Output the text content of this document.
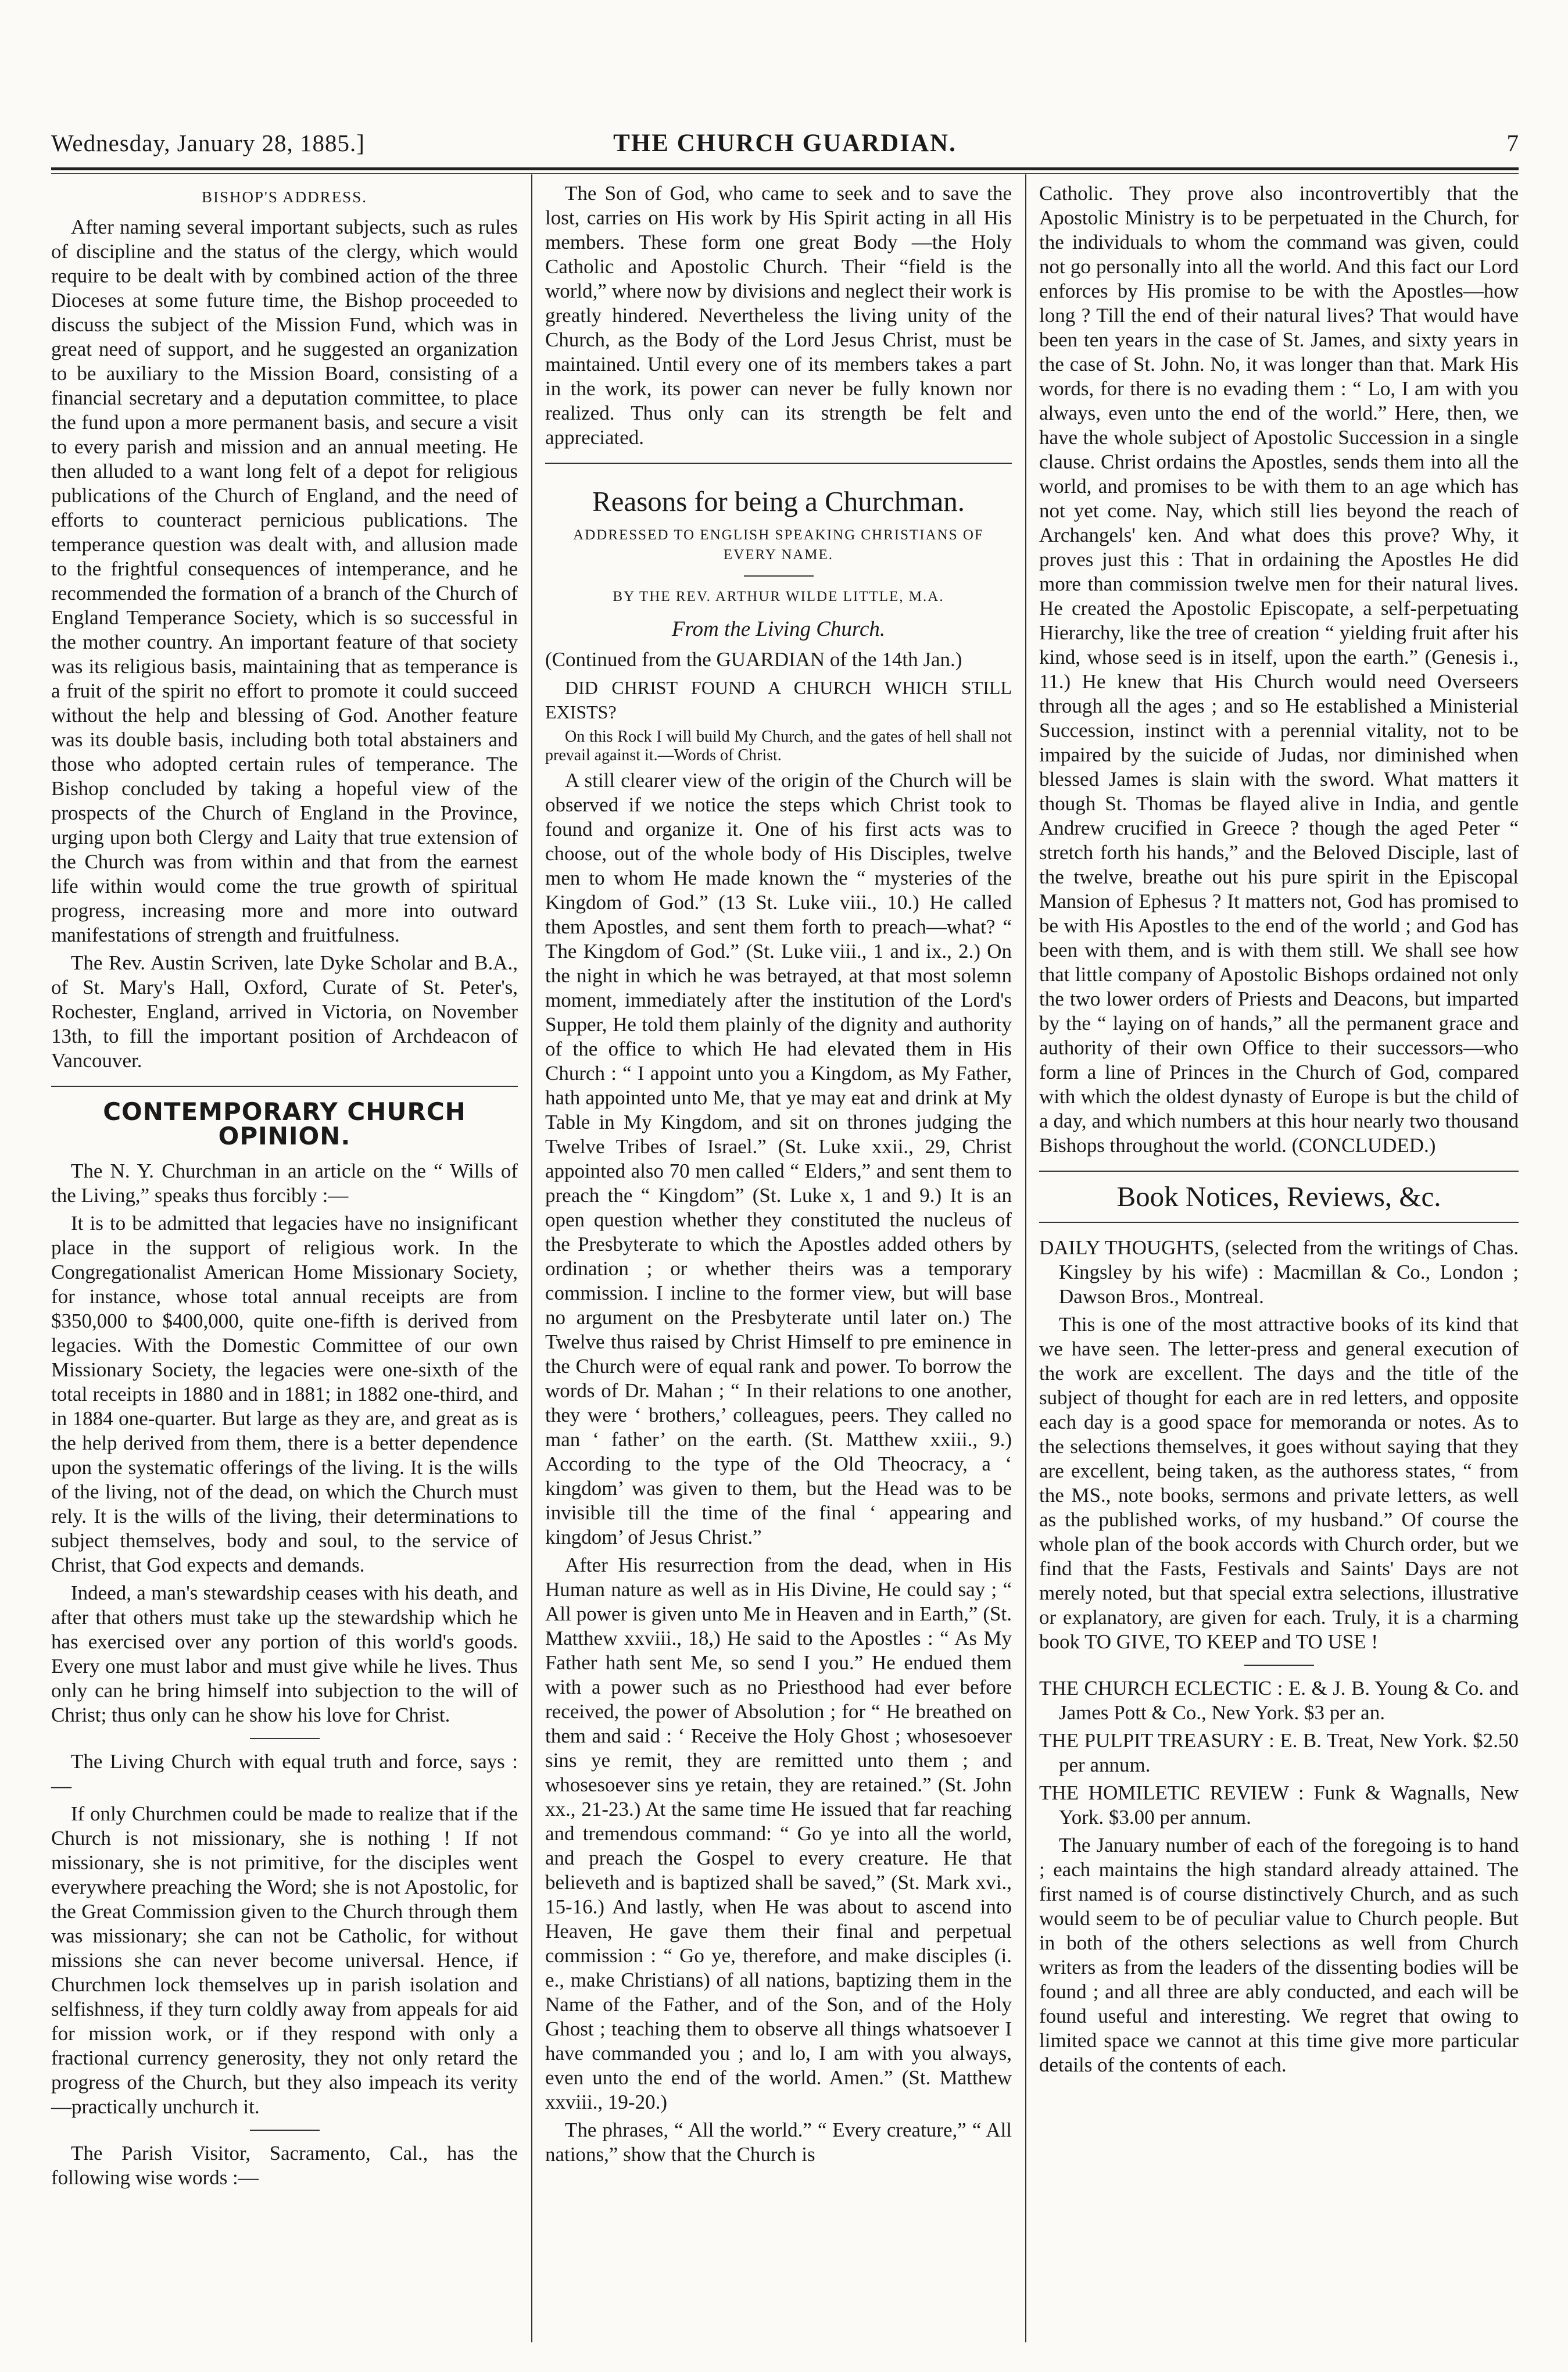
Wednesday, January 28, 1885.]	THE CHURCH GUARDIAN.	7
BISHOP'S ADDRESS.

After naming several important subjects, such as rules of discipline and the status of the clergy, which would require to be dealt with by combined action of the three Dioceses at some future time, the Bishop proceeded to discuss the subject of the Mission Fund, which was in great need of support, and he suggested an organization to be auxiliary to the Mission Board, consisting of a financial secretary and a deputation committee, to place the fund upon a more permanent basis, and secure a visit to every parish and mission and an annual meeting. He then alluded to a want long felt of a depot for religious publications of the Church of England, and the need of efforts to counteract pernicious publications. The temperance question was dealt with, and allusion made to the frightful consequences of intemperance, and he recommended the formation of a branch of the Church of England Temperance Society, which is so successful in the mother country. An important feature of that society was its religious basis, maintaining that as temperance is a fruit of the spirit no effort to promote it could succeed without the help and blessing of God. Another feature was its double basis, including both total abstainers and those who adopted certain rules of temperance. The Bishop concluded by taking a hopeful view of the prospects of the Church of England in the Province, urging upon both Clergy and Laity that true extension of the Church was from within and that from the earnest life within would come the true growth of spiritual progress, increasing more and more into outward manifestations of strength and fruitfulness.

The Rev. Austin Scriven, late Dyke Scholar and B.A., of St. Mary's Hall, Oxford, Curate of St. Peter's, Rochester, England, arrived in Victoria, on November 13th, to fill the important position of Archdeacon of Vancouver.

CONTEMPORARY CHURCH OPINION.

The N. Y. Churchman in an article on the “ Wills of the Living,” speaks thus forcibly :—

It is to be admitted that legacies have no insignificant place in the support of religious work. In the Congregationalist American Home Missionary Society, for instance, whose total annual receipts are from $350,000 to $400,000, quite one-fifth is derived from legacies. With the Domestic Committee of our own Missionary Society, the legacies were one-sixth of the total receipts in 1880 and in 1881; in 1882 one-third, and in 1884 one-quarter. But large as they are, and great as is the help derived from them, there is a better dependence upon the systematic offerings of the living. It is the wills of the living, not of the dead, on which the Church must rely. It is the wills of the living, their determinations to subject themselves, body and soul, to the service of Christ, that God expects and demands.

Indeed, a man's stewardship ceases with his death, and after that others must take up the stewardship which he has exercised over any portion of this world's goods. Every one must labor and must give while he lives. Thus only can he bring himself into subjection to the will of Christ; thus only can he show his love for Christ.

The Living Church with equal truth and force, says :—

If only Churchmen could be made to realize that if the Church is not missionary, she is nothing ! If not missionary, she is not primitive, for the disciples went everywhere preaching the Word; she is not Apostolic, for the Great Commission given to the Church through them was missionary; she can not be Catholic, for without missions she can never become universal. Hence, if Churchmen lock themselves up in parish isolation and selfishness, if they turn coldly away from appeals for aid for mission work, or if they respond with only a fractional currency generosity, they not only retard the progress of the Church, but they also impeach its verity—practically unchurch it.

The Parish Visitor, Sacramento, Cal., has the following wise words :—

The Son of God, who came to seek and to save the lost, carries on His work by His Spirit acting in all His members. These form one great Body —the Holy Catholic and Apostolic Church. Their “field is the world,” where now by divisions and neglect their work is greatly hindered. Nevertheless the living unity of the Church, as the Body of the Lord Jesus Christ, must be maintained. Until every one of its members takes a part in the work, its power can never be fully known nor realized. Thus only can its strength be felt and appreciated.

Reasons for being a Churchman.
ADDRESSED TO ENGLISH SPEAKING CHRISTIANS OF EVERY NAME.
BY THE REV. ARTHUR WILDE LITTLE, M.A.
From the Living Church.

(Continued from the GUARDIAN of the 14th Jan.)

DID CHRIST FOUND A CHURCH WHICH STILL EXISTS?

On this Rock I will build My Church, and the gates of hell shall not prevail against it.—Words of Christ.

A still clearer view of the origin of the Church will be observed if we notice the steps which Christ took to found and organize it. One of his first acts was to choose, out of the whole body of His Disciples, twelve men to whom He made known the “ mysteries of the Kingdom of God.” (13 St. Luke viii., 10.) He called them Apostles, and sent them forth to preach—what? “ The Kingdom of God.” (St. Luke viii., 1 and ix., 2.) On the night in which he was betrayed, at that most solemn moment, immediately after the institution of the Lord's Supper, He told them plainly of the dignity and authority of the office to which He had elevated them in His Church : “ I appoint unto you a Kingdom, as My Father, hath appointed unto Me, that ye may eat and drink at My Table in My Kingdom, and sit on thrones judging the Twelve Tribes of Israel.” (St. Luke xxii., 29, Christ appointed also 70 men called “ Elders,” and sent them to preach the “ Kingdom” (St. Luke x, 1 and 9.) It is an open question whether they constituted the nucleus of the Presbyterate to which the Apostles added others by ordination ; or whether theirs was a temporary commission. I incline to the former view, but will base no argument on the Presbyterate until later on.) The Twelve thus raised by Christ Himself to pre eminence in the Church were of equal rank and power. To borrow the words of Dr. Mahan ; “ In their relations to one another, they were ‘ brothers,’ colleagues, peers. They called no man ‘ father’ on the earth. (St. Matthew xxiii., 9.) According to the type of the Old Theocracy, a ‘ kingdom’ was given to them, but the Head was to be invisible till the time of the final ‘ appearing and kingdom’ of Jesus Christ.”

After His resurrection from the dead, when in His Human nature as well as in His Divine, He could say ; “ All power is given unto Me in Heaven and in Earth,” (St. Matthew xxviii., 18,) He said to the Apostles : “ As My Father hath sent Me, so send I you.” He endued them with a power such as no Priesthood had ever before received, the power of Absolution ; for “ He breathed on them and said : ‘ Receive the Holy Ghost ; whosesoever sins ye remit, they are remitted unto them ; and whosesoever sins ye retain, they are retained.” (St. John xx., 21-23.) At the same time He issued that far reaching and tremendous command: “ Go ye into all the world, and preach the Gospel to every creature. He that believeth and is baptized shall be saved,” (St. Mark xvi., 15-16.) And lastly, when He was about to ascend into Heaven, He gave them their final and perpetual commission : “ Go ye, therefore, and make disciples (i. e., make Christians) of all nations, baptizing them in the Name of the Father, and of the Son, and of the Holy Ghost ; teaching them to observe all things whatsoever I have commanded you ; and lo, I am with you always, even unto the end of the world. Amen.” (St. Matthew xxviii., 19-20.)

The phrases, “ All the world.” “ Every creature,” “ All nations,” show that the Church is

Catholic. They prove also incontrovertibly that the Apostolic Ministry is to be perpetuated in the Church, for the individuals to whom the command was given, could not go personally into all the world. And this fact our Lord enforces by His promise to be with the Apostles—how long ? Till the end of their natural lives? That would have been ten years in the case of St. James, and sixty years in the case of St. John. No, it was longer than that. Mark His words, for there is no evading them : “ Lo, I am with you always, even unto the end of the world.” Here, then, we have the whole subject of Apostolic Succession in a single clause. Christ ordains the Apostles, sends them into all the world, and promises to be with them to an age which has not yet come. Nay, which still lies beyond the reach of Archangels' ken. And what does this prove? Why, it proves just this : That in ordaining the Apostles He did more than commission twelve men for their natural lives. He created the Apostolic Episcopate, a self-perpetuating Hierarchy, like the tree of creation “ yielding fruit after his kind, whose seed is in itself, upon the earth.” (Genesis i., 11.) He knew that His Church would need Overseers through all the ages ; and so He established a Ministerial Succession, instinct with a perennial vitality, not to be impaired by the suicide of Judas, nor diminished when blessed James is slain with the sword. What matters it though St. Thomas be flayed alive in India, and gentle Andrew crucified in Greece ? though the aged Peter “ stretch forth his hands,” and the Beloved Disciple, last of the twelve, breathe out his pure spirit in the Episcopal Mansion of Ephesus ? It matters not, God has promised to be with His Apostles to the end of the world ; and God has been with them, and is with them still. We shall see how that little company of Apostolic Bishops ordained not only the two lower orders of Priests and Deacons, but imparted by the “ laying on of hands,” all the permanent grace and authority of their own Office to their successors—who form a line of Princes in the Church of God, compared with which the oldest dynasty of Europe is but the child of a day, and which numbers at this hour nearly two thousand Bishops throughout the world. (CONCLUDED.)

Book Notices, Reviews, &c.

DAILY THOUGHTS, (selected from the writings of Chas. Kingsley by his wife) : Macmillan & Co., London ; Dawson Bros., Montreal.

This is one of the most attractive books of its kind that we have seen. The letter-press and general execution of the work are excellent. The days and the title of the subject of thought for each are in red letters, and opposite each day is a good space for memoranda or notes. As to the selections themselves, it goes without saying that they are excellent, being taken, as the authoress states, “ from the MS., note books, sermons and private letters, as well as the published works, of my husband.” Of course the whole plan of the book accords with Church order, but we find that the Fasts, Festivals and Saints' Days are not merely noted, but that special extra selections, illustrative or explanatory, are given for each. Truly, it is a charming book TO GIVE, TO KEEP and TO USE !

THE CHURCH ECLECTIC : E. & J. B. Young & Co. and James Pott & Co., New York. $3 per an.

THE PULPIT TREASURY : E. B. Treat, New York. $2.50 per annum.

THE HOMILETIC REVIEW : Funk & Wagnalls, New York. $3.00 per annum.

The January number of each of the foregoing is to hand ; each maintains the high standard already attained. The first named is of course distinctively Church, and as such would seem to be of peculiar value to Church people. But in both of the others selections as well from Church writers as from the leaders of the dissenting bodies will be found ; and all three are ably conducted, and each will be found useful and interesting. We regret that owing to limited space we cannot at this time give more particular details of the contents of each.
